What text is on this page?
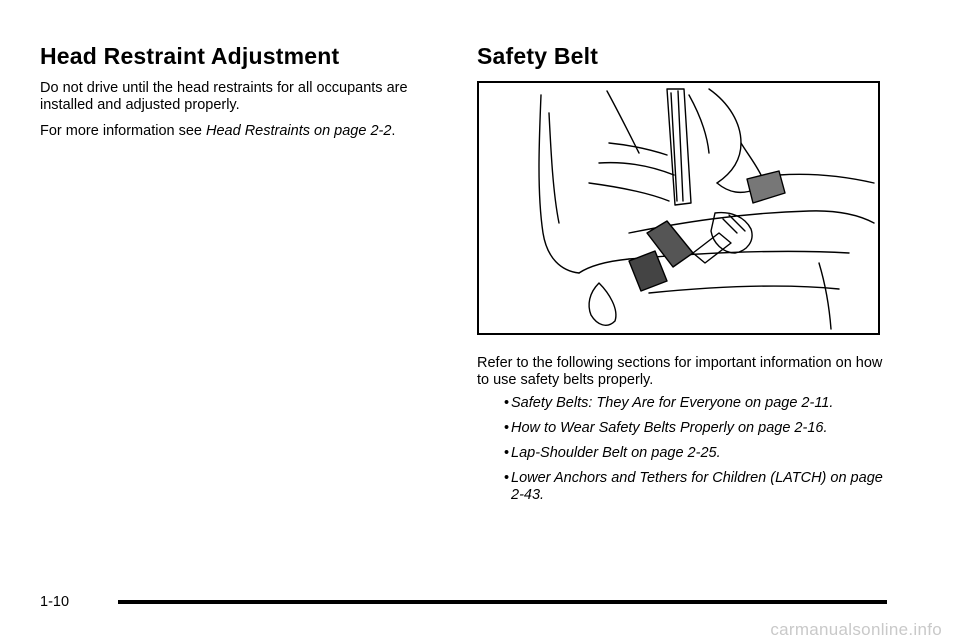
Head Restraint Adjustment

Do not drive until the head restraints for all occupants are installed and adjusted properly.

For more information see Head Restraints on page 2-2.

Safety Belt

Refer to the following sections for important information on how to use safety belts properly.

• Safety Belts: They Are for Everyone on page 2-11.
• How to Wear Safety Belts Properly on page 2-16.
• Lap-Shoulder Belt on page 2-25.
• Lower Anchors and Tethers for Children (LATCH) on page 2-43.
1-10
carmanualsonline.info
